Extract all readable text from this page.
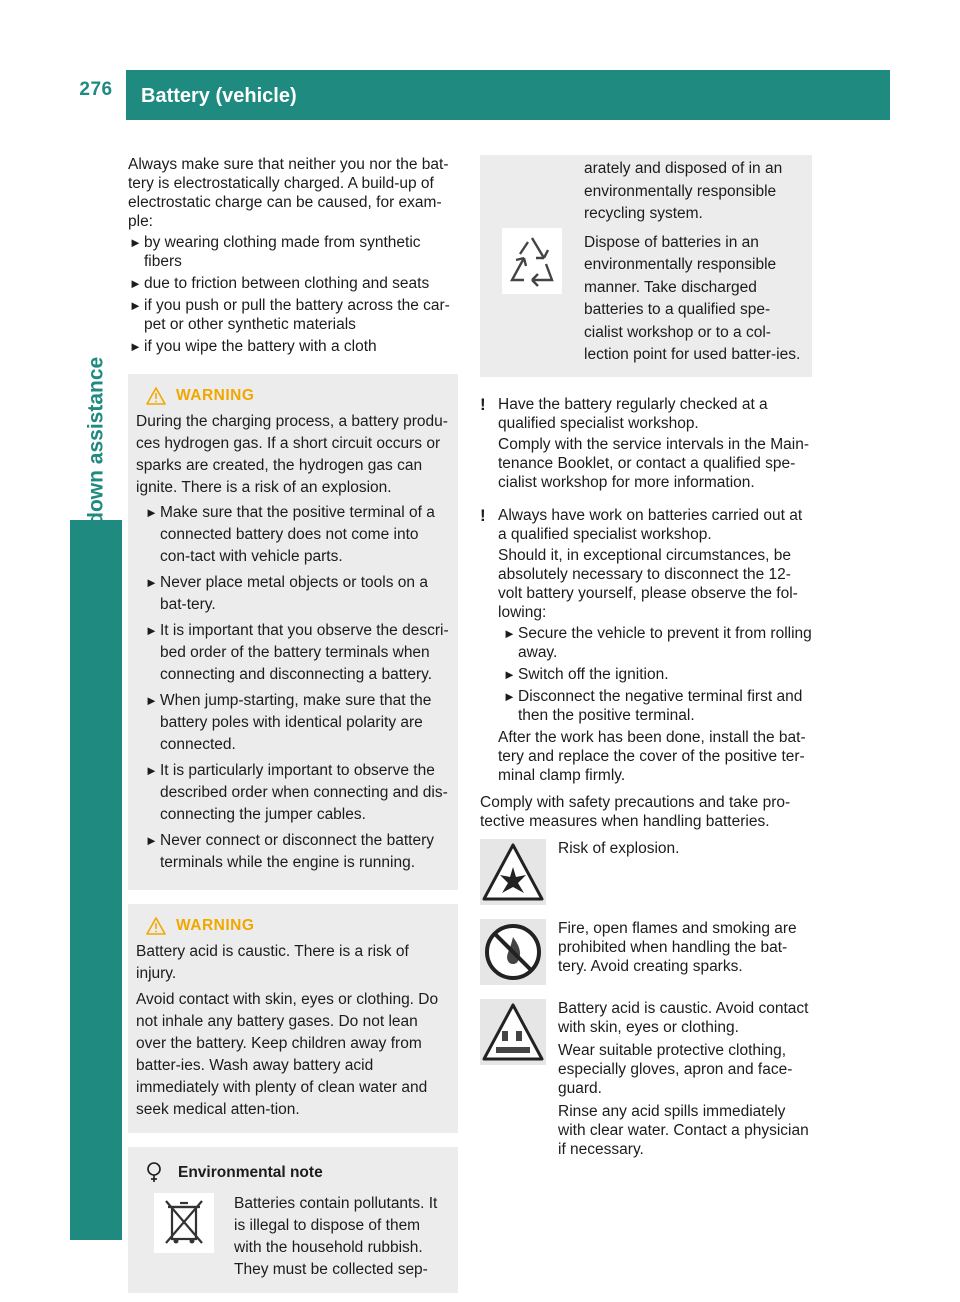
276	Battery (vehicle)
Breakdown assistance

Always make sure that neither you nor the bat-tery is electrostatically charged. A build-up of electrostatic charge can be caused, for exam-ple:

► by wearing clothing made from synthetic fibers
► due to friction between clothing and seats
► if you push or pull the battery across the car-pet or other synthetic materials
► if you wipe the battery with a cloth
WARNING

During the charging process, a battery produ-ces hydrogen gas. If a short circuit occurs or sparks are created, the hydrogen gas can ignite. There is a risk of an explosion.

► Make sure that the positive terminal of a connected battery does not come into con-tact with vehicle parts.
► Never place metal objects or tools on a bat-tery.
► It is important that you observe the descri-bed order of the battery terminals when connecting and disconnecting a battery.
► When jump-starting, make sure that the battery poles with identical polarity are connected.
► It is particularly important to observe the described order when connecting and dis-connecting the jumper cables.
► Never connect or disconnect the battery terminals while the engine is running.
WARNING

Battery acid is caustic. There is a risk of injury.

Avoid contact with skin, eyes or clothing. Do not inhale any battery gases. Do not lean over the battery. Keep children away from batter-ies. Wash away battery acid immediately with plenty of clean water and seek medical atten-tion.

Environmental note

Batteries contain pollutants. It is illegal to dispose of them with the household rubbish. They must be collected sep-

arately and disposed of in an environmentally responsible recycling system.

Dispose of batteries in an environmentally responsible manner. Take discharged batteries to a qualified spe-cialist workshop or to a col-lection point for used batter-ies.

! Have the battery regularly checked at a qualified specialist workshop.

Comply with the service intervals in the Main-tenance Booklet, or contact a qualified spe-cialist workshop for more information.

! Always have work on batteries carried out at a qualified specialist workshop.

Should it, in exceptional circumstances, be absolutely necessary to disconnect the 12-volt battery yourself, please observe the fol-lowing:

► Secure the vehicle to prevent it from rolling away.
► Switch off the ignition.
► Disconnect the negative terminal first and then the positive terminal.

After the work has been done, install the bat-tery and replace the cover of the positive ter-minal clamp firmly.

Comply with safety precautions and take pro-tective measures when handling batteries.

Risk of explosion.

Fire, open flames and smoking are prohibited when handling the bat-tery. Avoid creating sparks.

Battery acid is caustic. Avoid contact with skin, eyes or clothing.

Wear suitable protective clothing, especially gloves, apron and face-guard.

Rinse any acid spills immediately with clear water. Contact a physician if necessary.
